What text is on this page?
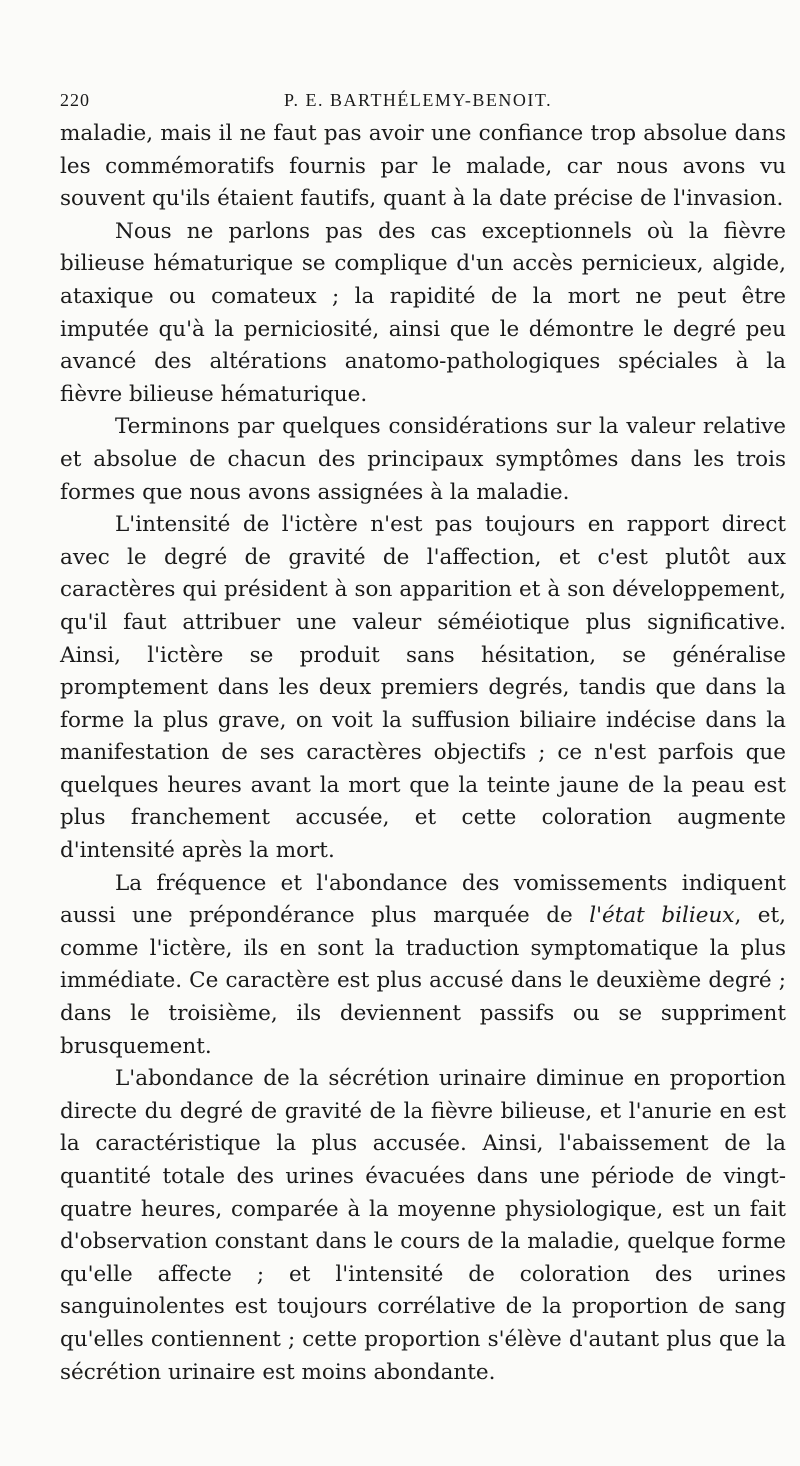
220	P. E. BARTHÉLEMY-BENOIT.

maladie, mais il ne faut pas avoir une confiance trop absolue dans les commémoratifs fournis par le malade, car nous avons vu souvent qu'ils étaient fautifs, quant à la date précise de l'invasion.

Nous ne parlons pas des cas exceptionnels où la fièvre bilieuse hématurique se complique d'un accès pernicieux, algide, ataxique ou comateux ; la rapidité de la mort ne peut être imputée qu'à la perniciosité, ainsi que le démontre le degré peu avancé des altérations anatomo-pathologiques spéciales à la fièvre bilieuse hématurique.

Terminons par quelques considérations sur la valeur relative et absolue de chacun des principaux symptômes dans les trois formes que nous avons assignées à la maladie.

L'intensité de l'ictère n'est pas toujours en rapport direct avec le degré de gravité de l'affection, et c'est plutôt aux caractères qui président à son apparition et à son développement, qu'il faut attribuer une valeur séméiotique plus significative. Ainsi, l'ictère se produit sans hésitation, se généralise promptement dans les deux premiers degrés, tandis que dans la forme la plus grave, on voit la suffusion biliaire indécise dans la manifestation de ses caractères objectifs ; ce n'est parfois que quelques heures avant la mort que la teinte jaune de la peau est plus franchement accusée, et cette coloration augmente d'intensité après la mort.

La fréquence et l'abondance des vomissements indiquent aussi une prépondérance plus marquée de l'état bilieux, et, comme l'ictère, ils en sont la traduction symptomatique la plus immédiate. Ce caractère est plus accusé dans le deuxième degré ; dans le troisième, ils deviennent passifs ou se suppriment brusquement.

L'abondance de la sécrétion urinaire diminue en proportion directe du degré de gravité de la fièvre bilieuse, et l'anurie en est la caractéristique la plus accusée. Ainsi, l'abaissement de la quantité totale des urines évacuées dans une période de vingt-quatre heures, comparée à la moyenne physiologique, est un fait d'observation constant dans le cours de la maladie, quelque forme qu'elle affecte ; et l'intensité de coloration des urines sanguinolentes est toujours corrélative de la proportion de sang qu'elles contiennent ; cette proportion s'élève d'autant plus que la sécrétion urinaire est moins abondante.
